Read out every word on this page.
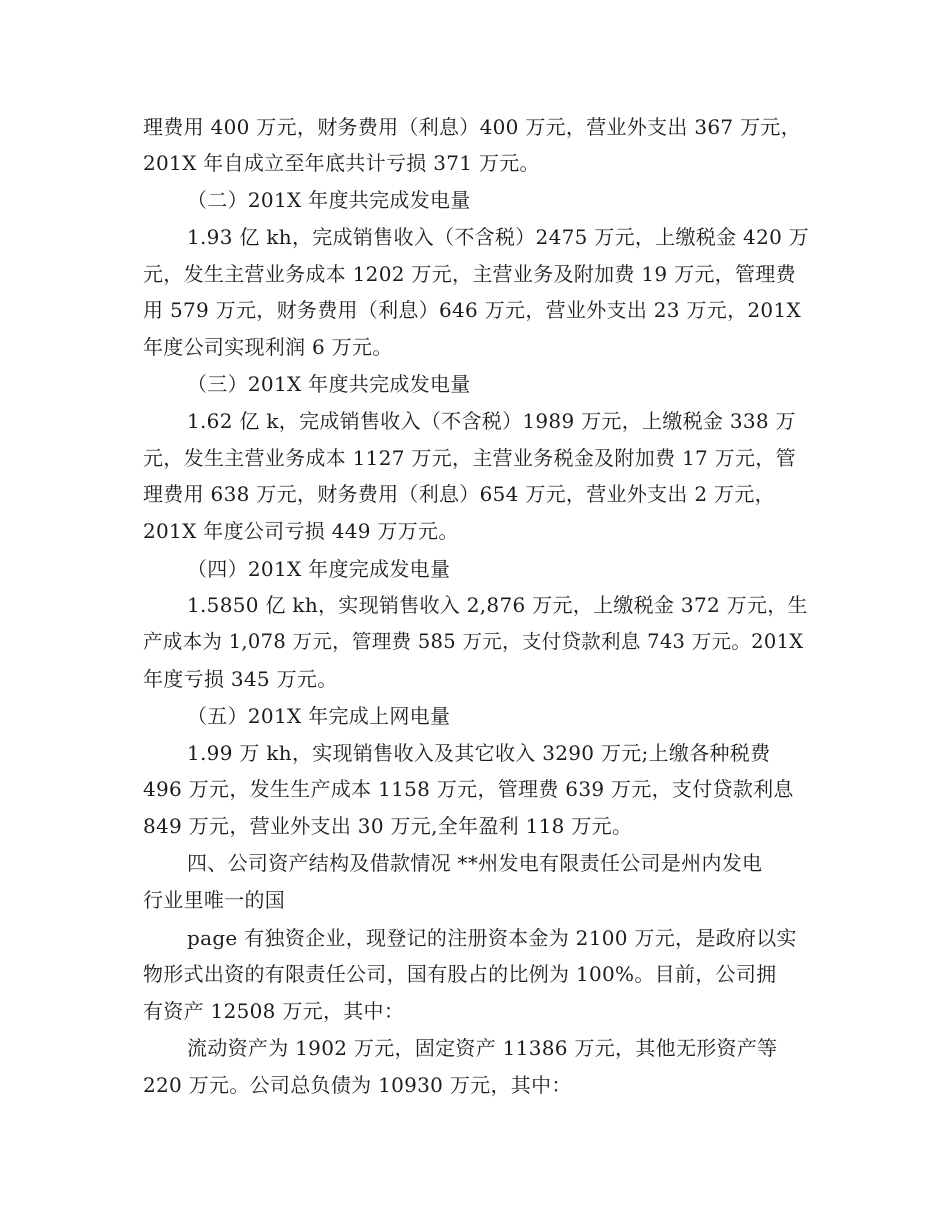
理费用 400 万元，财务费用（利息）400 万元，营业外支出 367 万元，
201X 年自成立至年底共计亏损 371 万元。
（二）201X 年度共完成发电量
1.93 亿 kh，完成销售收入（不含税）2475 万元，上缴税金 420 万
元，发生主营业务成本 1202 万元，主营业务及附加费 19 万元，管理费
用 579 万元，财务费用（利息）646 万元，营业外支出 23 万元，201X
年度公司实现利润 6 万元。
（三）201X 年度共完成发电量
1.62 亿 k，完成销售收入（不含税）1989 万元，上缴税金 338 万
元，发生主营业务成本 1127 万元，主营业务税金及附加费 17 万元，管
理费用 638 万元，财务费用（利息）654 万元，营业外支出 2 万元，
201X 年度公司亏损 449 万万元。
（四）201X 年度完成发电量
1.5850 亿 kh，实现销售收入 2,876 万元，上缴税金 372 万元，生
产成本为 1,078 万元，管理费 585 万元，支付贷款利息 743 万元。201X
年度亏损 345 万元。
（五）201X 年完成上网电量
1.99 万 kh，实现销售收入及其它收入 3290 万元;上缴各种税费
496 万元，发生生产成本 1158 万元，管理费 639 万元，支付贷款利息
849 万元，营业外支出 30 万元,全年盈利 118 万元。
四、公司资产结构及借款情况 **州发电有限责任公司是州内发电
行业里唯一的国
page 有独资企业，现登记的注册资本金为 2100 万元，是政府以实
物形式出资的有限责任公司，国有股占的比例为 100%。目前，公司拥
有资产 12508 万元，其中：
流动资产为 1902 万元，固定资产 11386 万元，其他无形资产等
220 万元。公司总负债为 10930 万元，其中：
